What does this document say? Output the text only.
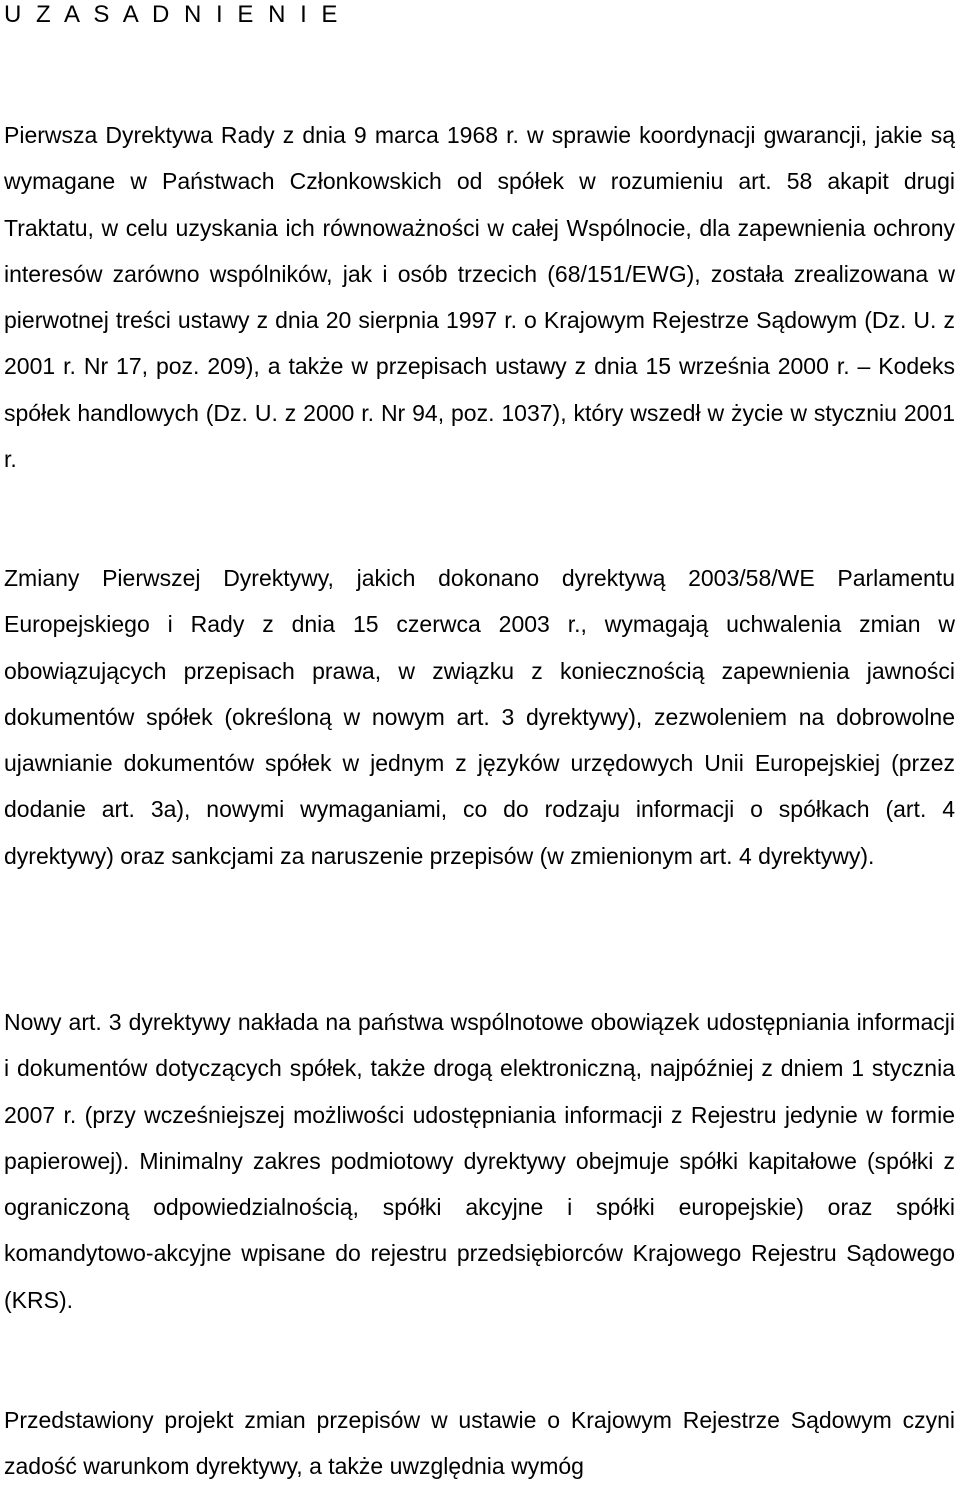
U Z A S A D N I E N I E

Pierwsza Dyrektywa Rady z dnia 9 marca 1968 r. w sprawie koordynacji gwarancji, jakie są wymagane w Państwach Członkowskich od spółek w rozumieniu art. 58 akapit drugi Traktatu, w celu uzyskania ich równoważności w całej Wspólnocie, dla zapewnienia ochrony interesów zarówno wspólników, jak i osób trzecich (68/151/EWG), została zrealizowana w pierwotnej treści ustawy z dnia 20 sierpnia 1997 r. o Krajowym Rejestrze Sądowym (Dz. U. z 2001 r. Nr 17, poz. 209), a także w przepisach ustawy z dnia 15 września 2000 r. – Kodeks spółek handlowych (Dz. U. z 2000 r. Nr 94, poz. 1037), który wszedł w życie w styczniu 2001 r.

Zmiany Pierwszej Dyrektywy, jakich dokonano dyrektywą 2003/58/WE Parlamentu Europejskiego i Rady z dnia 15 czerwca 2003 r., wymagają uchwalenia zmian w obowiązujących przepisach prawa, w związku z koniecznością zapewnienia jawności dokumentów spółek (określoną w nowym art. 3 dyrektywy), zezwoleniem na dobrowolne ujawnianie dokumentów spółek w jednym z języków urzędowych Unii Europejskiej (przez dodanie art. 3a), nowymi wymaganiami, co do rodzaju informacji o spółkach (art. 4 dyrektywy) oraz sankcjami za naruszenie przepisów (w zmienionym art. 4 dyrektywy).

Nowy art. 3 dyrektywy nakłada na państwa wspólnotowe obowiązek udostępniania informacji i dokumentów dotyczących spółek, także drogą elektroniczną, najpóźniej z dniem 1 stycznia 2007 r. (przy wcześniejszej możliwości udostępniania informacji z Rejestru jedynie w formie papierowej). Minimalny zakres podmiotowy dyrektywy obejmuje spółki kapitałowe (spółki z ograniczoną odpowiedzialnością, spółki akcyjne i spółki europejskie) oraz spółki komandytowo-akcyjne wpisane do rejestru przedsiębiorców Krajowego Rejestru Sądowego (KRS).

Przedstawiony projekt zmian przepisów w ustawie o Krajowym Rejestrze Sądowym czyni zadość warunkom dyrektywy, a także uwzględnia wymóg
